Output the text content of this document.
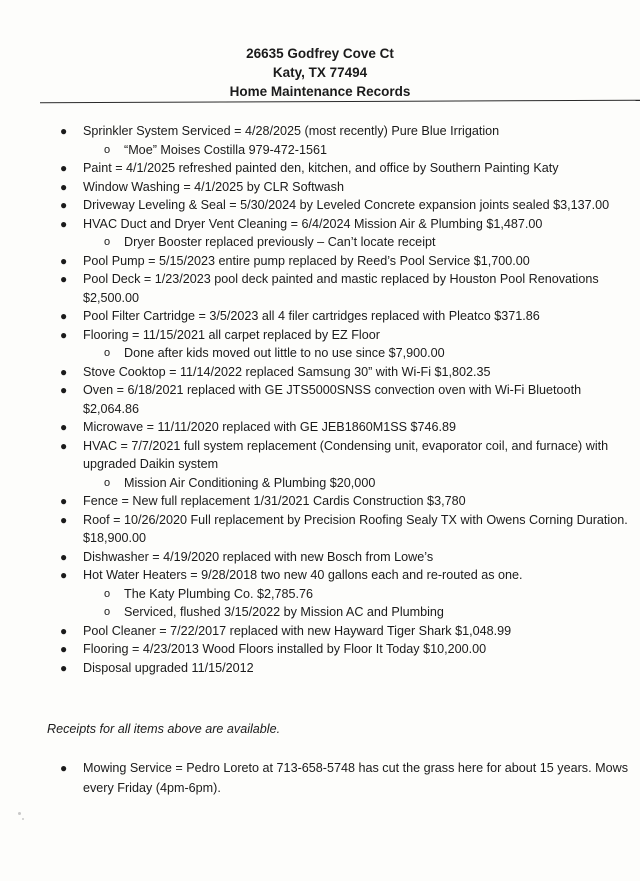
26635 Godfrey Cove Ct
Katy, TX 77494
Home Maintenance Records
● Sprinkler System Serviced = 4/28/2025 (most recently) Pure Blue Irrigation
o “Moe” Moises Costilla 979-472-1561
● Paint = 4/1/2025 refreshed painted den, kitchen, and office by Southern Painting Katy
● Window Washing = 4/1/2025 by CLR Softwash
● Driveway Leveling & Seal = 5/30/2024 by Leveled Concrete expansion joints sealed $3,137.00
● HVAC Duct and Dryer Vent Cleaning = 6/4/2024 Mission Air & Plumbing $1,487.00
o Dryer Booster replaced previously – Can’t locate receipt
● Pool Pump = 5/15/2023 entire pump replaced by Reed’s Pool Service $1,700.00
● Pool Deck = 1/23/2023 pool deck painted and mastic replaced by Houston Pool Renovations $2,500.00
● Pool Filter Cartridge = 3/5/2023 all 4 filer cartridges replaced with Pleatco $371.86
● Flooring = 11/15/2021 all carpet replaced by EZ Floor
o Done after kids moved out little to no use since $7,900.00
● Stove Cooktop = 11/14/2022 replaced Samsung 30” with Wi-Fi $1,802.35
● Oven = 6/18/2021 replaced with GE JTS5000SNSS convection oven with Wi-Fi Bluetooth $2,064.86
● Microwave = 11/11/2020 replaced with GE JEB1860M1SS $746.89
● HVAC = 7/7/2021 full system replacement (Condensing unit, evaporator coil, and furnace) with upgraded Daikin system
o Mission Air Conditioning & Plumbing $20,000
● Fence = New full replacement 1/31/2021 Cardis Construction $3,780
● Roof = 10/26/2020 Full replacement by Precision Roofing Sealy TX with Owens Corning Duration. $18,900.00
● Dishwasher = 4/19/2020 replaced with new Bosch from Lowe’s
● Hot Water Heaters = 9/28/2018 two new 40 gallons each and re-routed as one.
o The Katy Plumbing Co. $2,785.76
o Serviced, flushed 3/15/2022 by Mission AC and Plumbing
● Pool Cleaner = 7/22/2017 replaced with new Hayward Tiger Shark $1,048.99
● Flooring = 4/23/2013 Wood Floors installed by Floor It Today $10,200.00
● Disposal upgraded 11/15/2012
Receipts for all items above are available.
● Mowing Service = Pedro Loreto at 713-658-5748 has cut the grass here for about 15 years. Mows every Friday (4pm-6pm).
